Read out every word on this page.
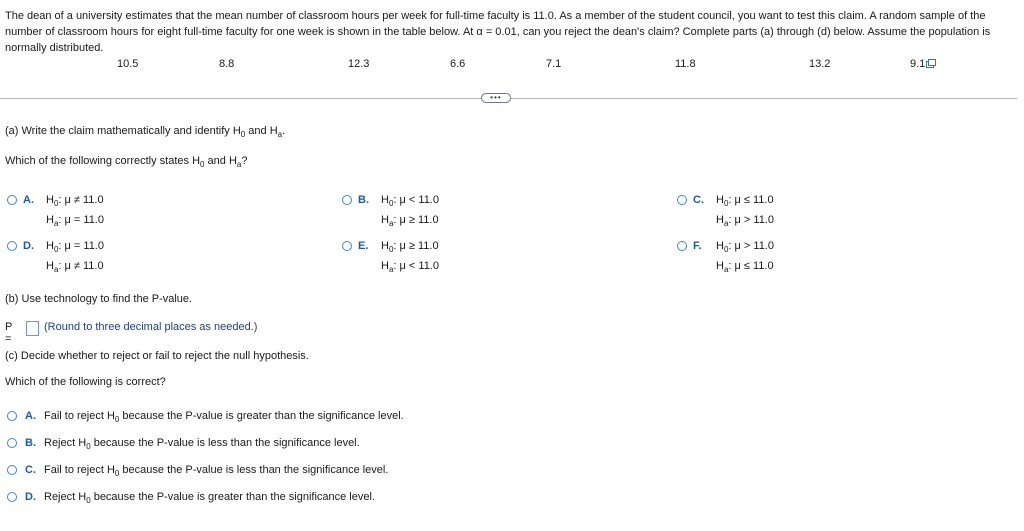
The dean of a university estimates that the mean number of classroom hours per week for full-time faculty is 11.0. As a member of the student council, you want to test this claim. A random sample of the number of classroom hours for eight full-time faculty for one week is shown in the table below. At α = 0.01, can you reject the dean's claim? Complete parts (a) through (d) below. Assume the population is normally distributed.
10.5	8.8	12.3	6.6	7.1	11.8	13.2	9.1
•••
(a) Write the claim mathematically and identify $H_0$ and $H_a$.
Which of the following correctly states $H_0$ and $H_a$?
A. $H_0$: μ ≠ 11.0
$H_a$: μ = 11.0
B. $H_0$: μ < 11.0
$H_a$: μ ≥ 11.0
C. $H_0$: μ ≤ 11.0
$H_a$: μ > 11.0
D. $H_0$: μ = 11.0
$H_a$: μ ≠ 11.0
E. $H_0$: μ ≥ 11.0
$H_a$: μ < 11.0
F. $H_0$: μ > 11.0
$H_a$: μ ≤ 11.0
(b) Use technology to find the P-value.
P =
(Round to three decimal places as needed.)
(c) Decide whether to reject or fail to reject the null hypothesis.
Which of the following is correct?
A. Fail to reject $H_0$ because the P-value is greater than the significance level.
B. Reject $H_0$ because the P-value is less than the significance level.
C. Fail to reject $H_0$ because the P-value is less than the significance level.
D. Reject $H_0$ because the P-value is greater than the significance level.
